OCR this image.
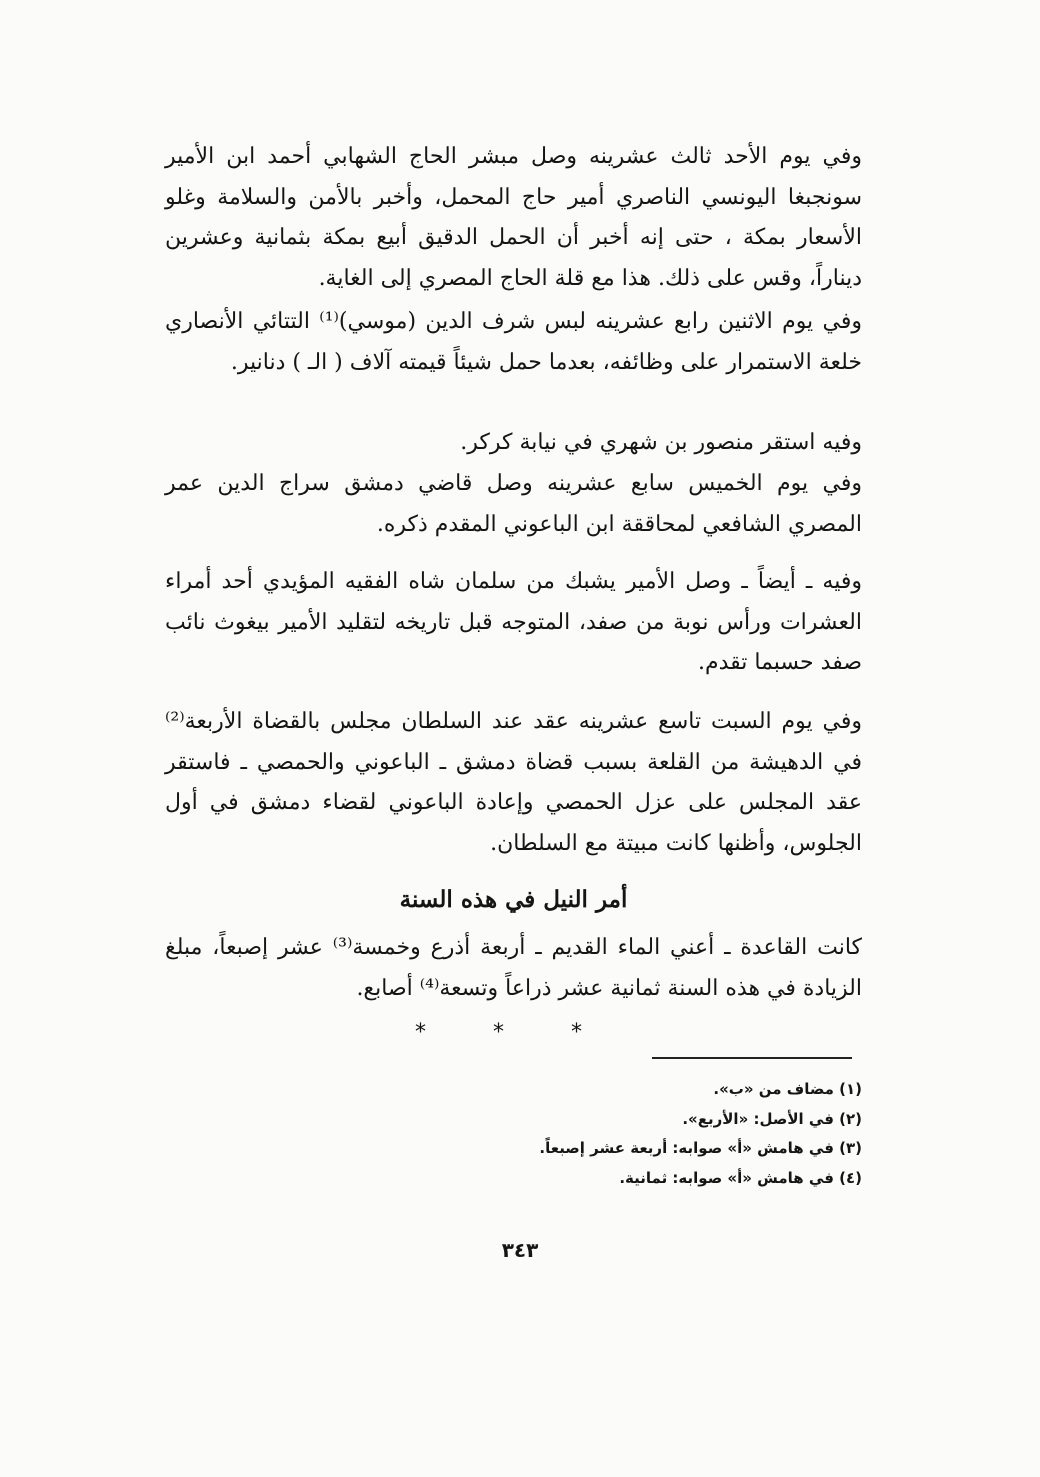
وفي يوم الأحد ثالث عشرينه وصل مبشر الحاج الشهابي أحمد ابن الأمير سونجبغا اليونسي الناصري أمير حاج المحمل، وأخبر بالأمن والسلامة وغلو الأسعار بمكة ، حتى إنه أخبر أن الحمل الدقيق أبيع بمكة بثمانية وعشرين ديناراً، وقس على ذلك. هذا مع قلة الحاج المصري إلى الغاية.

وفي يوم الاثنين رابع عشرينه لبس شرف الدين (موسي)⁽¹⁾ التتائي الأنصاري خلعة الاستمرار على وظائفه، بعدما حمل شيئاً قيمته آلاف ( الـ ) دنانير.

وفيه استقر منصور بن شهري في نيابة كركر.

وفي يوم الخميس سابع عشرينه وصل قاضي دمشق سراج الدين عمر المصري الشافعي لمحاققة ابن الباعوني المقدم ذكره.

وفيه ـ أيضاً ـ وصل الأمير يشبك من سلمان شاه الفقيه المؤيدي أحد أمراء العشرات ورأس نوبة من صفد، المتوجه قبل تاريخه لتقليد الأمير بيغوث نائب صفد حسبما تقدم.

وفي يوم السبت تاسع عشرينه عقد عند السلطان مجلس بالقضاة الأربعة⁽²⁾ في الدهيشة من القلعة بسبب قضاة دمشق ـ الباعوني والحمصي ـ فاستقر عقد المجلس على عزل الحمصي وإعادة الباعوني لقضاء دمشق في أول الجلوس، وأظنها كانت مبيتة مع السلطان.

أمر النيل في هذه السنة

كانت القاعدة ـ أعني الماء القديم ـ أربعة أذرع وخمسة⁽³⁾ عشر إصبعاً، مبلغ الزيادة في هذه السنة ثمانية عشر ذراعاً وتسعة⁽⁴⁾ أصابع.

* * *
(١) مضاف من «ب».
(٢) في الأصل: «الأربع».
(٣) في هامش «أ» صوابه: أربعة عشر إصبعاً.
(٤) في هامش «أ» صوابه: ثمانية.
٣٤٣
